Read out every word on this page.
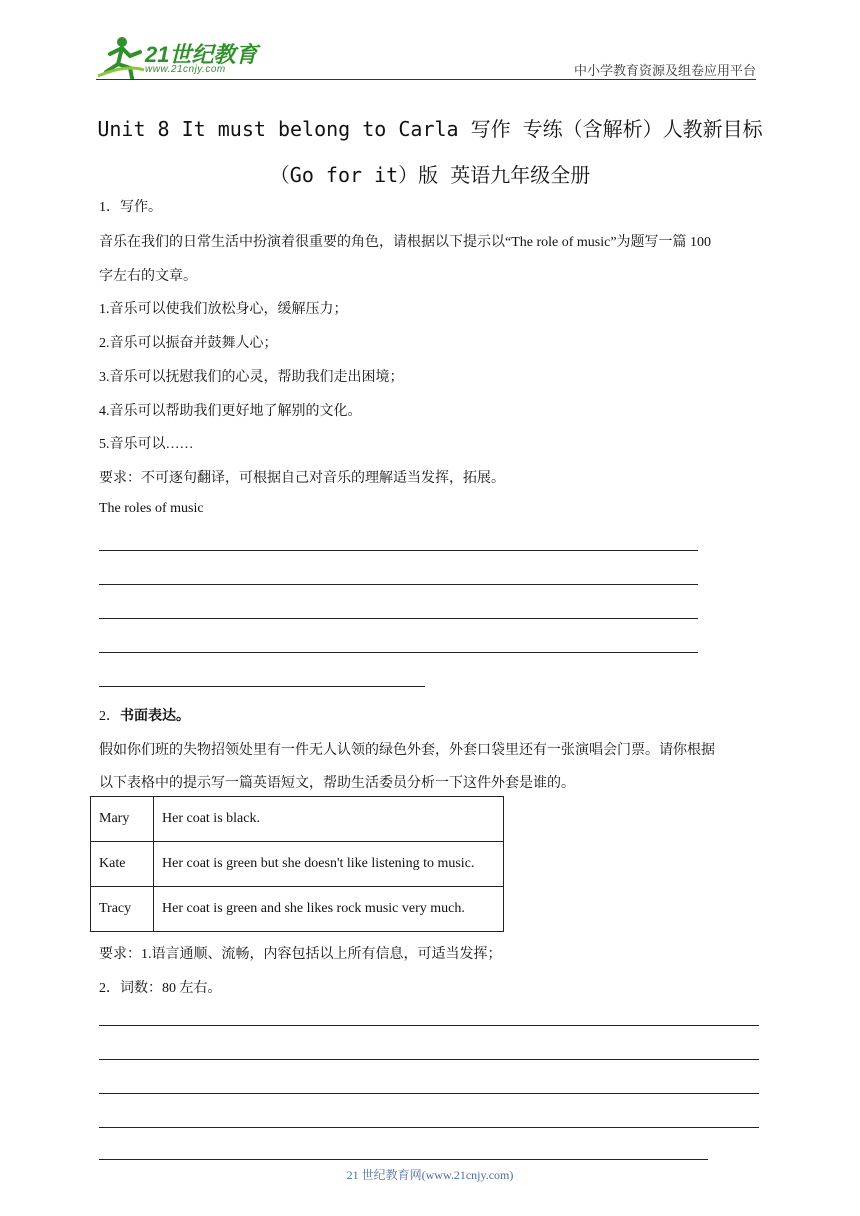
21世纪教育
www.21cnjy.com	中小学教育资源及组卷应用平台
Unit 8 It must belong to Carla 写作 专练（含解析）人教新目标
（Go for it）版 英语九年级全册
1．写作。
音乐在我们的日常生活中扮演着很重要的角色，请根据以下提示以“The role of music”为题写一篇 100
字左右的文章。
1.音乐可以使我们放松身心，缓解压力；
2.音乐可以振奋并鼓舞人心；
3.音乐可以抚慰我们的心灵，帮助我们走出困境；
4.音乐可以帮助我们更好地了解别的文化。
5.音乐可以……
要求：不可逐句翻译，可根据自己对音乐的理解适当发挥，拓展。
The roles of music
2．书面表达。
假如你们班的失物招领处里有一件无人认领的绿色外套，外套口袋里还有一张演唱会门票。请你根据
以下表格中的提示写一篇英语短文，帮助生活委员分析一下这件外套是谁的。
Mary	Her coat is black.
Kate	Her coat is green but she doesn't like listening to music.
Tracy	Her coat is green and she likes rock music very much.
要求：1.语言通顺、流畅，内容包括以上所有信息，可适当发挥；
2．词数：80 左右。
21 世纪教育网(www.21cnjy.com)
